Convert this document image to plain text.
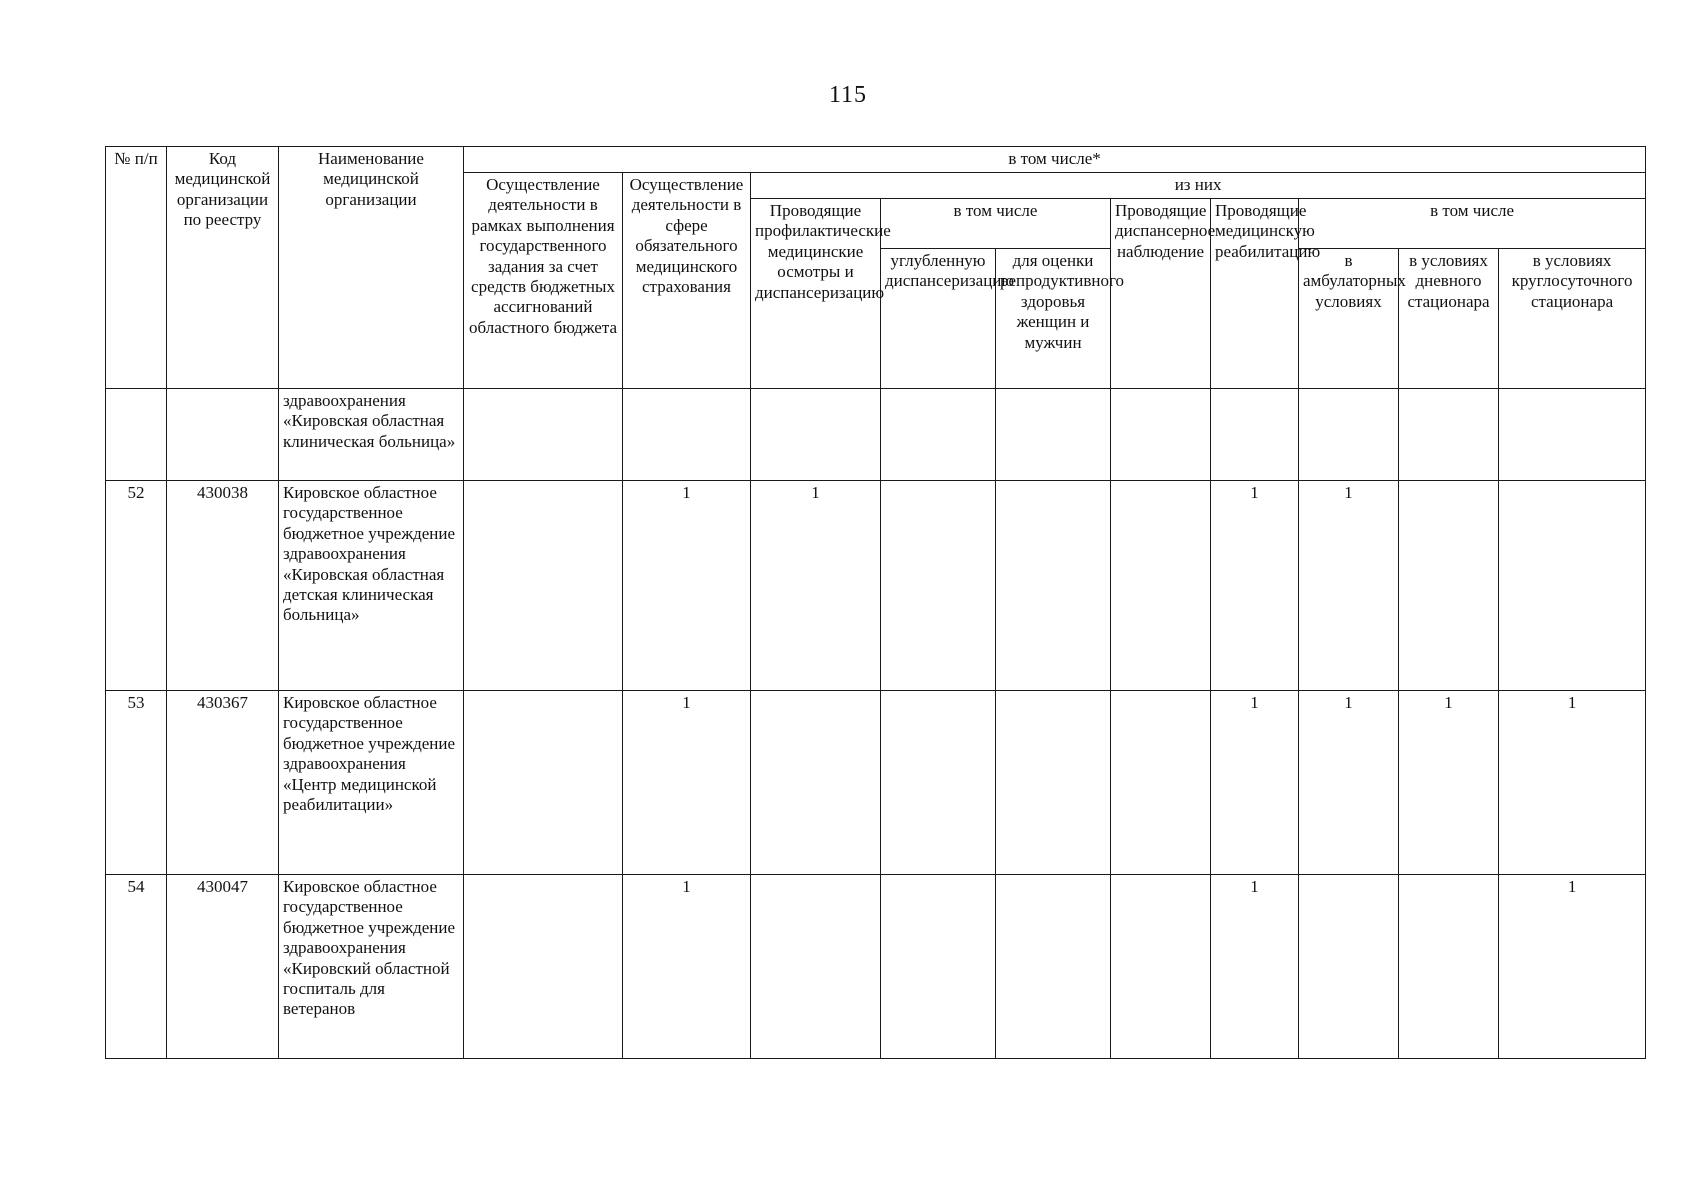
115
№ п/п	Код медицинской организации по реестру	Наименование медицинской организации	в том числе*									
			Осуществление деятельности в рамках выполнения государственного задания за счет средств бюджетных ассигнований областного бюджета	Осуществление деятельности в сфере обязательного медицинского страхования	из них							
					Проводящие профилактические медицинские осмотры и диспансеризацию	в том числе		Проводящие диспансерное наблюдение	Проводящие медицинскую реабилитацию	в том числе		
						углубленную диспансеризацию	для оценки репродуктивного здоровья женщин и мужчин			в амбулаторных условиях	в условиях дневного стационара	в условиях круглосуточного стационара
		здравоохранения «Кировская областная клиническая больница»										
52	430038	Кировское областное государственное бюджетное учреждение здравоохранения «Кировская областная детская клиническая больница»		1	1				1	1		
53	430367	Кировское областное государственное бюджетное учреждение здравоохранения «Центр медицинской реабилитации»		1					1	1	1	1
54	430047	Кировское областное государственное бюджетное учреждение здравоохранения «Кировский областной госпиталь для ветеранов		1					1			1
